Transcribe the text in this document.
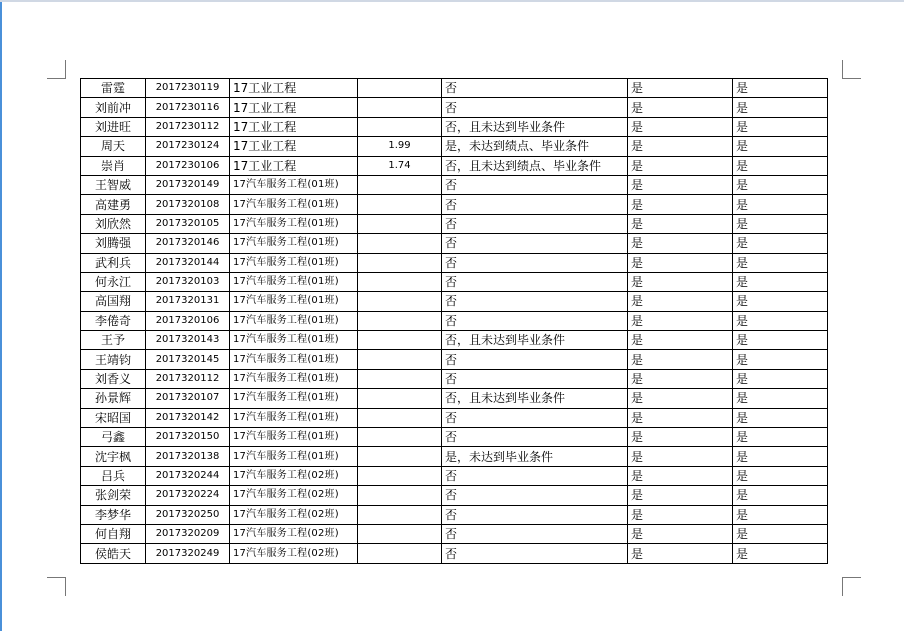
雷霆	2017230119	17工业工程		否	是	是
刘前冲	2017230116	17工业工程		否	是	是
刘进旺	2017230112	17工业工程		否，且未达到毕业条件	是	是
周天	2017230124	17工业工程	1.99	是，未达到绩点、毕业条件	是	是
崇肖	2017230106	17工业工程	1.74	否，且未达到绩点、毕业条件	是	是
王智威	2017320149	17汽车服务工程(01班)		否	是	是
高建勇	2017320108	17汽车服务工程(01班)		否	是	是
刘欣然	2017320105	17汽车服务工程(01班)		否	是	是
刘腾强	2017320146	17汽车服务工程(01班)		否	是	是
武利兵	2017320144	17汽车服务工程(01班)		否	是	是
何永江	2017320103	17汽车服务工程(01班)		否	是	是
高国翔	2017320131	17汽车服务工程(01班)		否	是	是
李倦奇	2017320106	17汽车服务工程(01班)		否	是	是
王予	2017320143	17汽车服务工程(01班)		否，且未达到毕业条件	是	是
王靖钧	2017320145	17汽车服务工程(01班)		否	是	是
刘香义	2017320112	17汽车服务工程(01班)		否	是	是
孙景辉	2017320107	17汽车服务工程(01班)		否，且未达到毕业条件	是	是
宋昭国	2017320142	17汽车服务工程(01班)		否	是	是
弓鑫	2017320150	17汽车服务工程(01班)		否	是	是
沈宇枫	2017320138	17汽车服务工程(01班)		是，未达到毕业条件	是	是
吕兵	2017320244	17汽车服务工程(02班)		否	是	是
张剑荣	2017320224	17汽车服务工程(02班)		否	是	是
李梦华	2017320250	17汽车服务工程(02班)		否	是	是
何自翔	2017320209	17汽车服务工程(02班)		否	是	是
侯皓天	2017320249	17汽车服务工程(02班)		否	是	是
